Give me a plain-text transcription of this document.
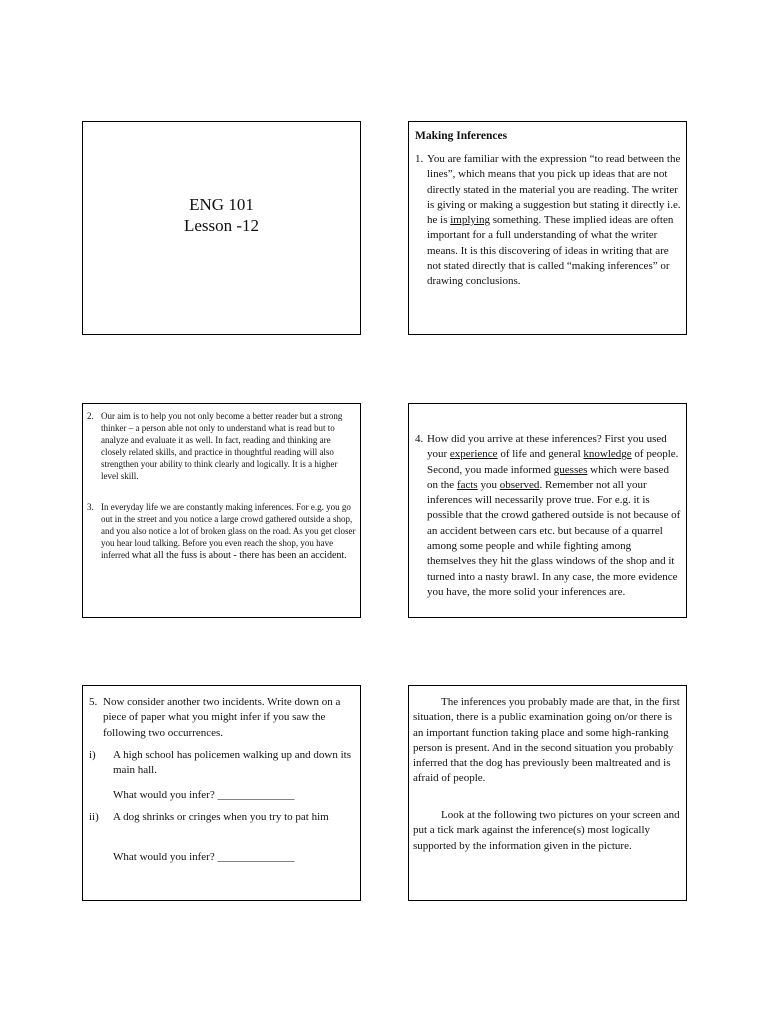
ENG 101
Lesson -12
Making Inferences
1. You are familiar with the expression “to read between the lines”, which means that you pick up ideas that are not directly stated in the material you are reading. The writer is giving or making a suggestion but stating it directly i.e. he is implying something. These implied ideas are often important for a full understanding of what the writer means. It is this discovering of ideas in writing that are not stated directly that is called “making inferences” or drawing conclusions.
2. Our aim is to help you not only become a better reader but a strong thinker – a person able not only to understand what is read but to analyze and evaluate it as well. In fact, reading and thinking are closely related skills, and practice in thoughtful reading will also strengthen your ability to think clearly and logically. It is a higher level skill.
3. In everyday life we are constantly making inferences. For e.g. you go out in the street and you notice a large crowd gathered outside a shop, and you also notice a lot of broken glass on the road. As you get closer you hear loud talking. Before you even reach the shop, you have inferred what all the fuss is about - there has been an accident.
4. How did you arrive at these inferences? First you used your experience of life and general knowledge of people. Second, you made informed guesses which were based on the facts you observed. Remember not all your inferences will necessarily prove true. For e.g. it is possible that the crowd gathered outside is not because of an accident between cars etc. but because of a quarrel among some people and while fighting among themselves they hit the glass windows of the shop and it turned into a nasty brawl. In any case, the more evidence you have, the more solid your inferences are.
5. Now consider another two incidents. Write down on a piece of paper what you might infer if you saw the following two occurrences.
i) A high school has policemen walking up and down its main hall.
What would you infer? ______________
ii) A dog shrinks or cringes when you try to pat him
What would you infer? ______________
The inferences you probably made are that, in the first situation, there is a public examination going on/or there is an important function taking place and some high-ranking person is present. And in the second situation you probably inferred that the dog has previously been maltreated and is afraid of people.
Look at the following two pictures on your screen and put a tick mark against the inference(s) most logically supported by the information given in the picture.
